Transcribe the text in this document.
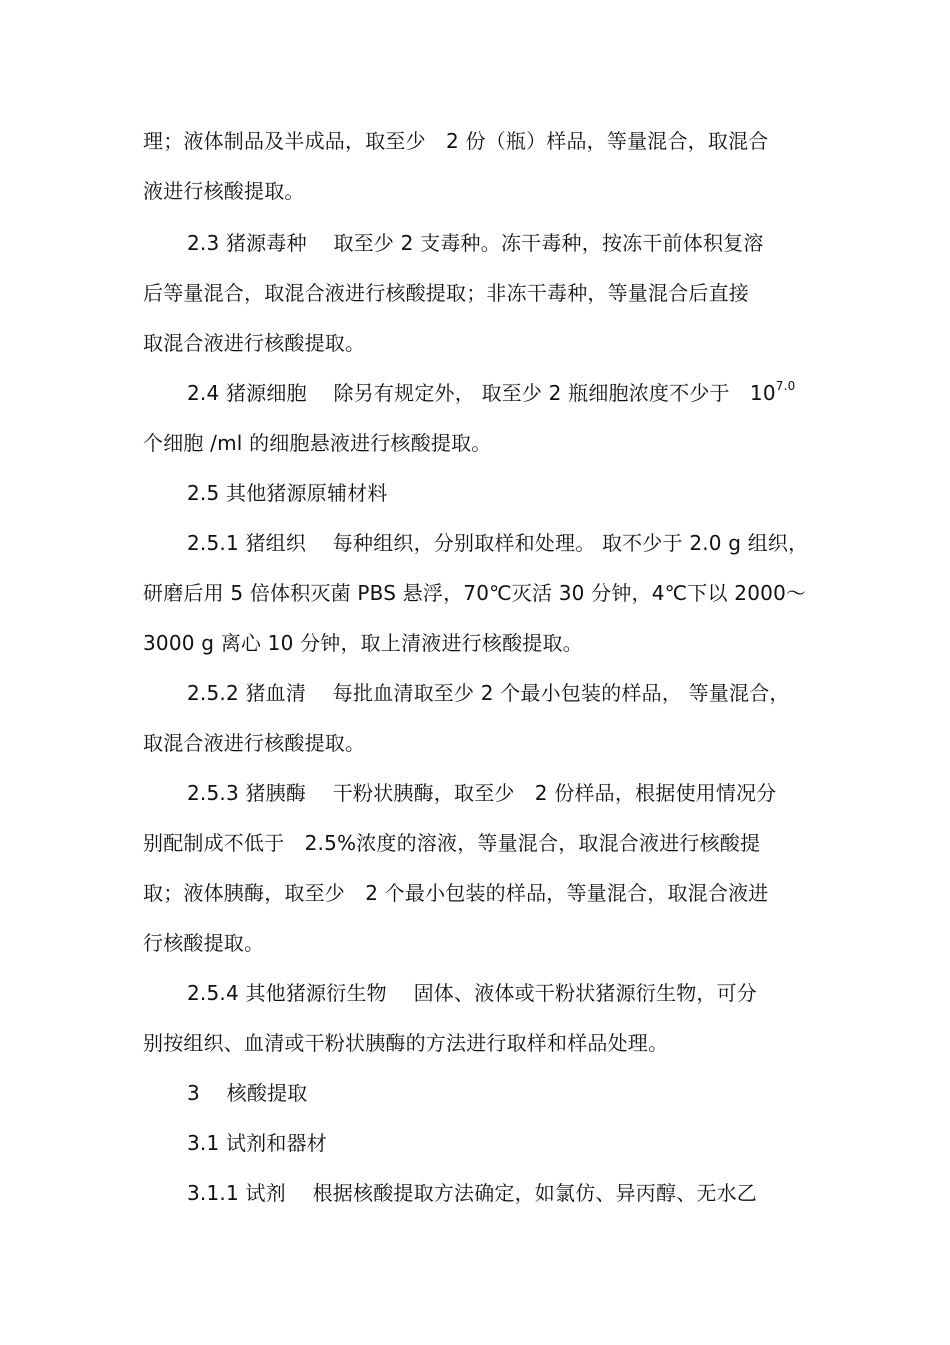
理；液体制品及半成品，取至少　2 份（瓶）样品，等量混合，取混合
液进行核酸提取。
2.3 猪源毒种　 取至少 2 支毒种。冻干毒种，按冻干前体积复溶
后等量混合，取混合液进行核酸提取；非冻干毒种，等量混合后直接
取混合液进行核酸提取。
2.4 猪源细胞　 除另有规定外， 取至少 2 瓶细胞浓度不少于　$10^{7.0}$
个细胞 /ml 的细胞悬液进行核酸提取。
2.5 其他猪源原辅材料
2.5.1 猪组织　 每种组织，分别取样和处理。 取不少于 2.0 g 组织，
研磨后用 5 倍体积灭菌 PBS 悬浮，70℃灭活 30 分钟，4℃下以 2000～
3000 g 离心 10 分钟，取上清液进行核酸提取。
2.5.2 猪血清　 每批血清取至少 2 个最小包装的样品， 等量混合，
取混合液进行核酸提取。
2.5.3 猪胰酶　 干粉状胰酶，取至少　2 份样品，根据使用情况分
别配制成不低于　2.5%浓度的溶液，等量混合，取混合液进行核酸提
取；液体胰酶，取至少　2 个最小包装的样品，等量混合，取混合液进
行核酸提取。
2.5.4 其他猪源衍生物　 固体、液体或干粉状猪源衍生物，可分
别按组织、血清或干粉状胰酶的方法进行取样和样品处理。
3　 核酸提取
3.1 试剂和器材
3.1.1 试剂　 根据核酸提取方法确定，如氯仿、异丙醇、无水乙
